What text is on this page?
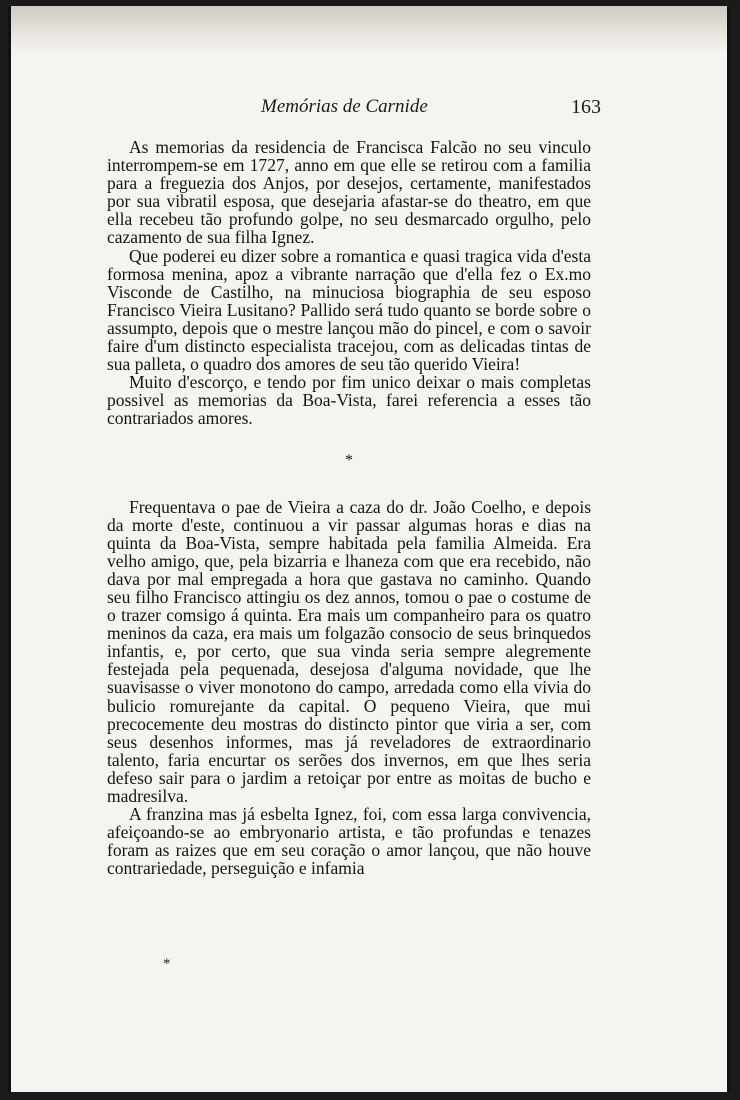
Memórias de Carnide	163

As memorias da residencia de Francisca Falcão no seu vinculo interrompem-se em 1727, anno em que elle se retirou com a familia para a freguezia dos Anjos, por desejos, certamente, manifestados por sua vibratil esposa, que desejaria afastar-se do theatro, em que ella recebeu tão profundo golpe, no seu desmarcado orgulho, pelo cazamento de sua filha Ignez.

Que poderei eu dizer sobre a romantica e quasi tragica vida d'esta formosa menina, apoz a vibrante narração que d'ella fez o Ex.mo Visconde de Castilho, na minuciosa biographia de seu esposo Francisco Vieira Lusitano? Pallido será tudo quanto se borde sobre o assumpto, depois que o mestre lançou mão do pincel, e com o savoir faire d'um distincto especialista tracejou, com as delicadas tintas de sua palleta, o quadro dos amores de seu tão querido Vieira!

Muito d'escorço, e tendo por fim unico deixar o mais completas possivel as memorias da Boa-Vista, farei referencia a esses tão contrariados amores.

*

Frequentava o pae de Vieira a caza do dr. João Coelho, e depois da morte d'este, continuou a vir passar algumas horas e dias na quinta da Boa-Vista, sempre habitada pela familia Almeida. Era velho amigo, que, pela bizarria e lhaneza com que era recebido, não dava por mal empregada a hora que gastava no caminho. Quando seu filho Francisco attingiu os dez annos, tomou o pae o costume de o trazer comsigo á quinta. Era mais um companheiro para os quatro meninos da caza, era mais um folgazão consocio de seus brinquedos infantis, e, por certo, que sua vinda seria sempre alegremente festejada pela pequenada, desejosa d'alguma novidade, que lhe suavisasse o viver monotono do campo, arredada como ella vivia do bulicio romurejante da capital. O pequeno Vieira, que mui precocemente deu mostras do distincto pintor que viria a ser, com seus desenhos informes, mas já reveladores de extraordinario talento, faria encurtar os serões dos invernos, em que lhes seria defeso sair para o jardim a retoiçar por entre as moitas de bucho e madresilva.

A franzina mas já esbelta Ignez, foi, com essa larga convivencia, afeiçoando-se ao embryonario artista, e tão profundas e tenazes foram as raizes que em seu coração o amor lançou, que não houve contrariedade, perseguição e infamia

*
